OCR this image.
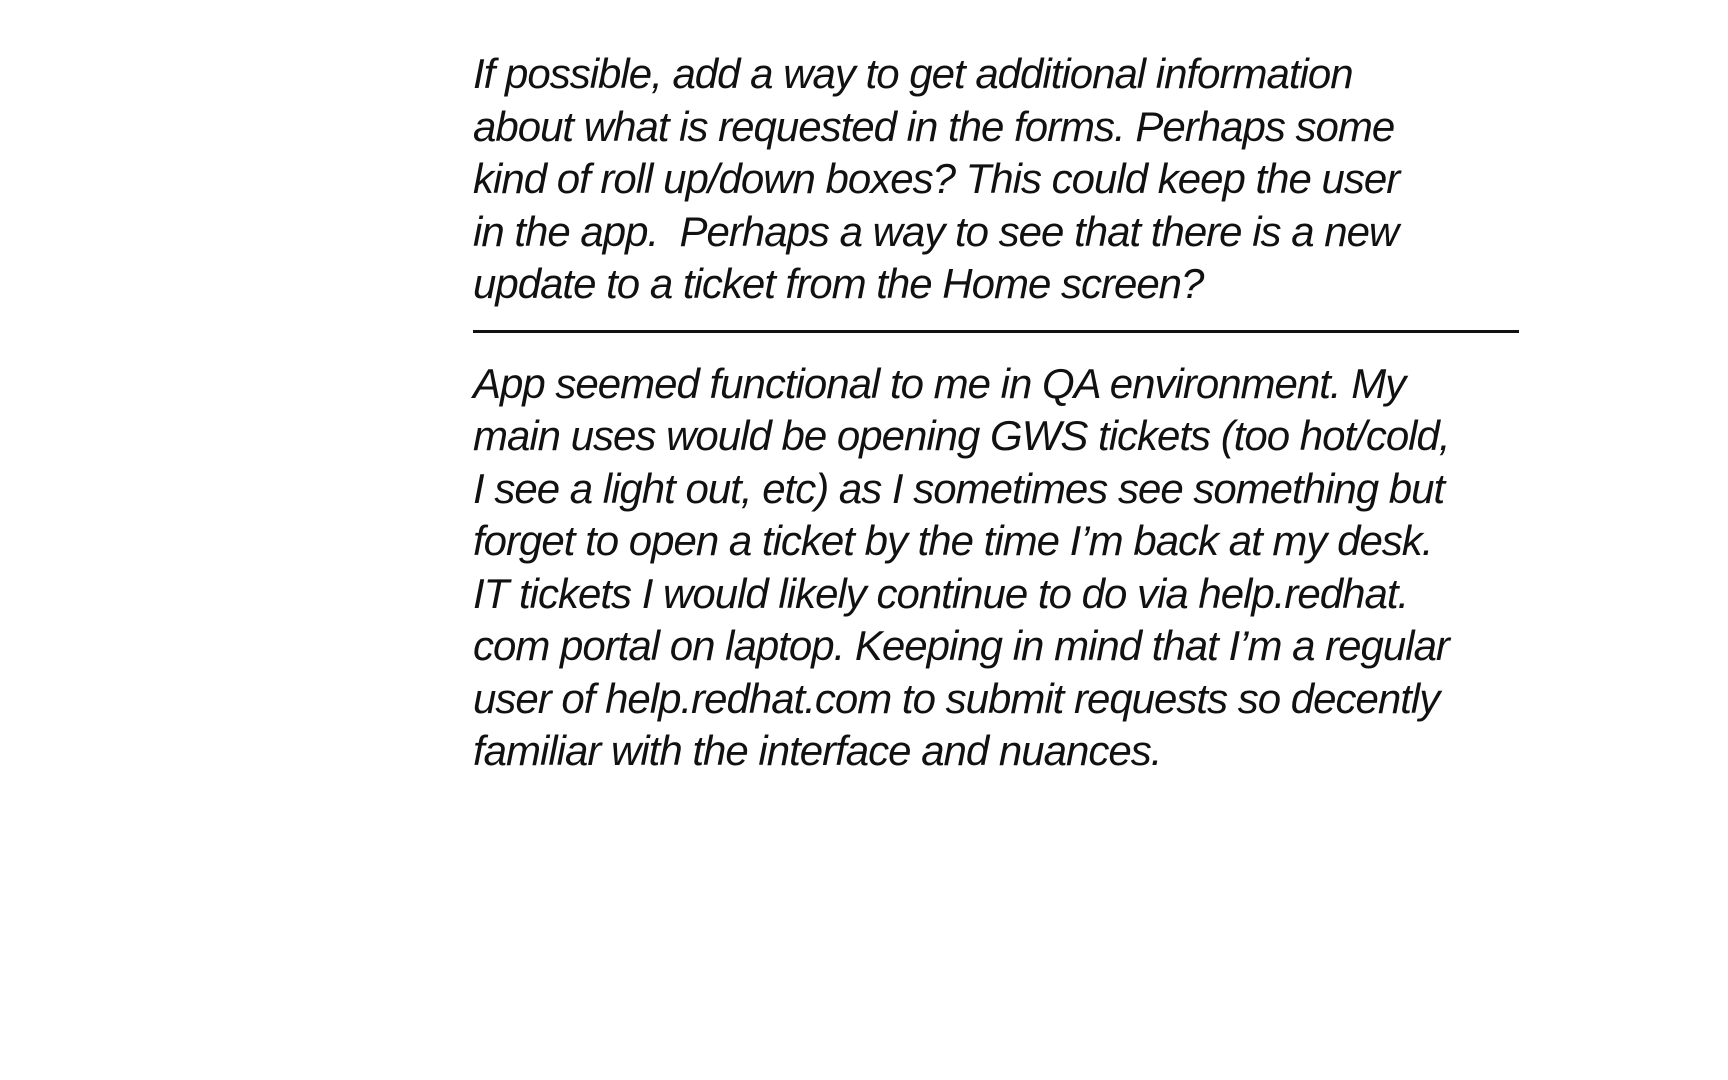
If possible, add a way to get additional information
about what is requested in the forms. Perhaps some
kind of roll up/down boxes? This could keep the user
in the app.  Perhaps a way to see that there is a new
update to a ticket from the Home screen?

App seemed functional to me in QA environment. My
main uses would be opening GWS tickets (too hot/cold,
I see a light out, etc) as I sometimes see something but
forget to open a ticket by the time I’m back at my desk.
IT tickets I would likely continue to do via help.redhat.
com portal on laptop. Keeping in mind that I’m a regular
user of help.redhat.com to submit requests so decently
familiar with the interface and nuances.
